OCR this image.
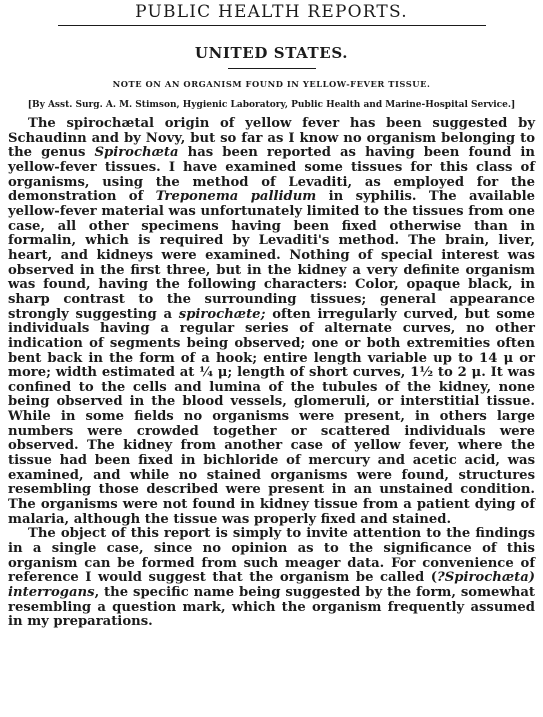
PUBLIC HEALTH REPORTS.
UNITED STATES.
NOTE ON AN ORGANISM FOUND IN YELLOW-FEVER TISSUE.
[By Asst. Surg. A. M. Stimson, Hygienic Laboratory, Public Health and Marine-Hospital Service.]

The spirochætal origin of yellow fever has been suggested by Schaudinn and by Novy, but so far as I know no organism belonging to the genus Spirochæta has been reported as having been found in yellow-fever tissues. I have examined some tissues for this class of organisms, using the method of Levaditi, as employed for the demonstration of Treponema pallidum in syphilis. The available yellow-fever material was unfortunately limited to the tissues from one case, all other specimens having been fixed otherwise than in formalin, which is required by Levaditi's method. The brain, liver, heart, and kidneys were examined. Nothing of special interest was observed in the first three, but in the kidney a very definite organism was found, having the following characters: Color, opaque black, in sharp contrast to the surrounding tissues; general appearance strongly suggesting a spirochæte; often irregularly curved, but some individuals having a regular series of alternate curves, no other indication of segments being observed; one or both extremities often bent back in the form of a hook; entire length variable up to 14 μ or more; width estimated at ¼ μ; length of short curves, 1½ to 2 μ. It was confined to the cells and lumina of the tubules of the kidney, none being observed in the blood vessels, glomeruli, or interstitial tissue. While in some fields no organisms were present, in others large numbers were crowded together or scattered individuals were observed. The kidney from another case of yellow fever, where the tissue had been fixed in bichloride of mercury and acetic acid, was examined, and while no stained organisms were found, structures resembling those described were present in an unstained condition. The organisms were not found in kidney tissue from a patient dying of malaria, although the tissue was properly fixed and stained.

The object of this report is simply to invite attention to the findings in a single case, since no opinion as to the significance of this organism can be formed from such meager data. For convenience of reference I would suggest that the organism be called (?Spirochæta) interrogans, the specific name being suggested by the form, somewhat resembling a question mark, which the organism frequently assumed in my preparations.
